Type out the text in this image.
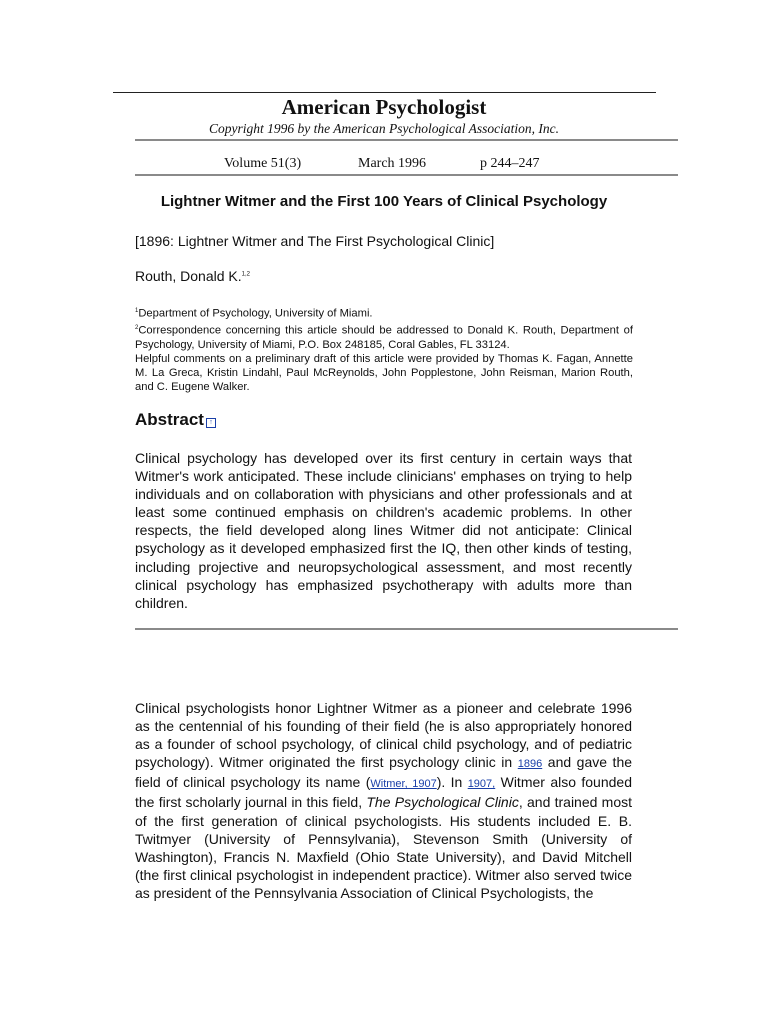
American Psychologist
Copyright 1996 by the American Psychological Association, Inc.
Volume 51(3)	March 1996	p 244–247
Lightner Witmer and the First 100 Years of Clinical Psychology
[1896: Lightner Witmer and The First Psychological Clinic]
Routh, Donald K.$^{1,2}$

$^1$Department of Psychology, University of Miami.

$^2$Correspondence concerning this article should be addressed to Donald K. Routh, Department of Psychology, University of Miami, P.O. Box 248185, Coral Gables, FL 33124.

Helpful comments on a preliminary draft of this article were provided by Thomas K. Fagan, Annette M. La Greca, Kristin Lindahl, Paul McReynolds, John Popplestone, John Reisman, Marion Routh, and C. Eugene Walker.

Abstract ↑

Clinical psychology has developed over its first century in certain ways that Witmer's work anticipated. These include clinicians' emphases on trying to help individuals and on collaboration with physicians and other professionals and at least some continued emphasis on children's academic problems. In other respects, the field developed along lines Witmer did not anticipate: Clinical psychology as it developed emphasized first the IQ, then other kinds of testing, including projective and neuropsychological assessment, and most recently clinical psychology has emphasized psychotherapy with adults more than children.

Clinical psychologists honor Lightner Witmer as a pioneer and celebrate 1996 as the centennial of his founding of their field (he is also appropriately honored as a founder of school psychology, of clinical child psychology, and of pediatric psychology). Witmer originated the first psychology clinic in 1896 and gave the field of clinical psychology its name (Witmer, 1907). In 1907, Witmer also founded the first scholarly journal in this field, The Psychological Clinic, and trained most of the first generation of clinical psychologists. His students included E. B. Twitmyer (University of Pennsylvania), Stevenson Smith (University of Washington), Francis N. Maxfield (Ohio State University), and David Mitchell (the first clinical psychologist in independent practice). Witmer also served twice as president of the Pennsylvania Association of Clinical Psychologists, the
